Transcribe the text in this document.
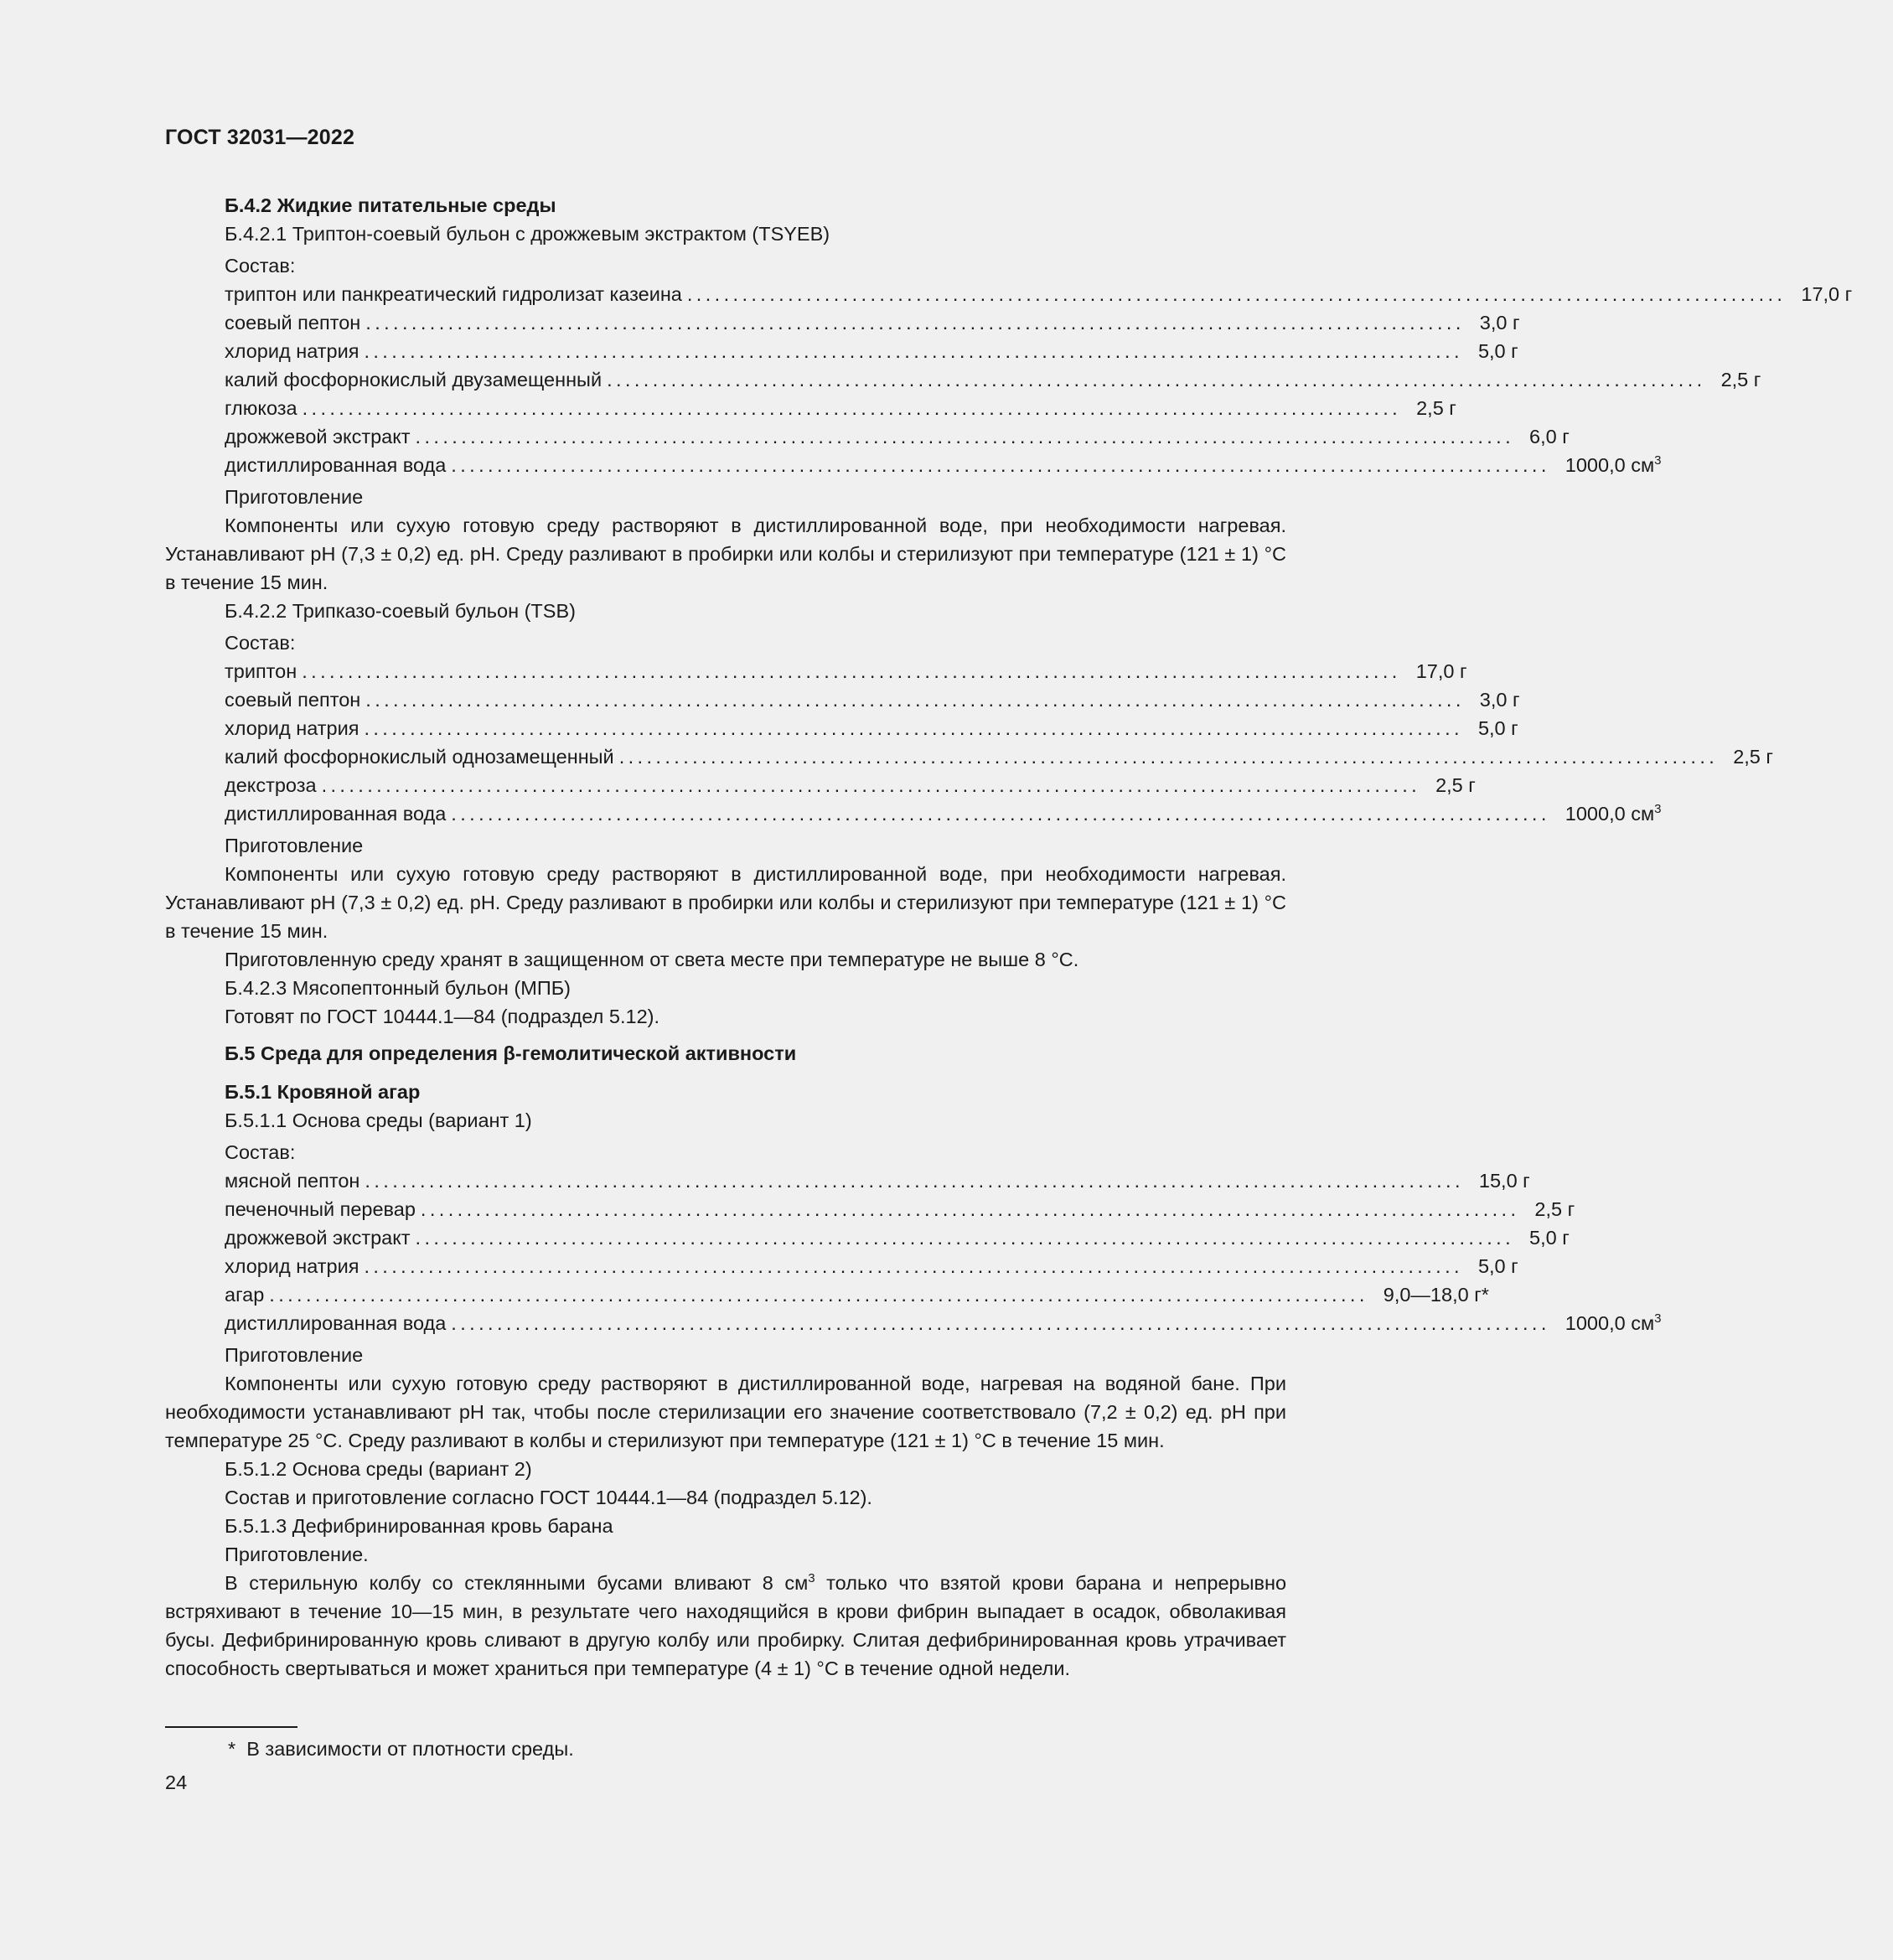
ГОСТ 32031—2022
Б.4.2 Жидкие питательные среды
Б.4.2.1 Триптон-соевый бульон с дрожжевым экстрактом (TSYEB)
Состав:
триптон или панкреатический гидролизат казеина ........................................................................................................................ 17,0 г
соевый пептон ........................................................................................................................ 3,0 г
хлорид натрия ........................................................................................................................ 5,0 г
калий фосфорнокислый двузамещенный ........................................................................................................................ 2,5 г
глюкоза ........................................................................................................................ 2,5 г
дрожжевой экстракт ........................................................................................................................ 6,0 г
дистиллированная вода ........................................................................................................................ 1000,0 $см^3$
Приготовление

Компоненты или сухую готовую среду растворяют в дистиллированной воде, при необходимости нагревая. Устанавливают рН (7,3 ± 0,2) ед. рН. Среду разливают в пробирки или колбы и стерилизуют при температуре (121 ± 1) °С в течение 15 мин.

Б.4.2.2 Трипказо-соевый бульон (TSB)
Состав:
триптон ........................................................................................................................ 17,0 г
соевый пептон ........................................................................................................................ 3,0 г
хлорид натрия ........................................................................................................................ 5,0 г
калий фосфорнокислый однозамещенный ........................................................................................................................ 2,5 г
декстроза ........................................................................................................................ 2,5 г
дистиллированная вода ........................................................................................................................ 1000,0 $см^3$
Приготовление

Компоненты или сухую готовую среду растворяют в дистиллированной воде, при необходимости нагревая. Устанавливают рН (7,3 ± 0,2) ед. рН. Среду разливают в пробирки или колбы и стерилизуют при температуре (121 ± 1) °С в течение 15 мин.

Приготовленную среду хранят в защищенном от света месте при температуре не выше 8 °С.

Б.4.2.3 Мясопептонный бульон (МПБ)
Готовят по ГОСТ 10444.1—84 (подраздел 5.12).
Б.5 Среда для определения β-гемолитической активности
Б.5.1 Кровяной агар
Б.5.1.1 Основа среды (вариант 1)
Состав:
мясной пептон ........................................................................................................................ 15,0 г
печеночный перевар ........................................................................................................................ 2,5 г
дрожжевой экстракт ........................................................................................................................ 5,0 г
хлорид натрия ........................................................................................................................ 5,0 г
агар ........................................................................................................................ 9,0—18,0 г*
дистиллированная вода ........................................................................................................................ 1000,0 $см^3$
Приготовление

Компоненты или сухую готовую среду растворяют в дистиллированной воде, нагревая на водяной бане. При необходимости устанавливают рН так, чтобы после стерилизации его значение соответствовало (7,2 ± 0,2) ед. рН при температуре 25 °С. Среду разливают в колбы и стерилизуют при температуре (121 ± 1) °С в течение 15 мин.

Б.5.1.2 Основа среды (вариант 2)
Состав и приготовление согласно ГОСТ 10444.1—84 (подраздел 5.12).
Б.5.1.3 Дефибринированная кровь барана
Приготовление.

В стерильную колбу со стеклянными бусами вливают 8 $см^3$ только что взятой крови барана и непрерывно встряхивают в течение 10—15 мин, в результате чего находящийся в крови фибрин выпадает в осадок, обволакивая бусы. Дефибринированную кровь сливают в другую колбу или пробирку. Слитая дефибринированная кровь утрачивает способность свертываться и может храниться при температуре (4 ± 1) °С в течение одной недели.

* В зависимости от плотности среды.
24
